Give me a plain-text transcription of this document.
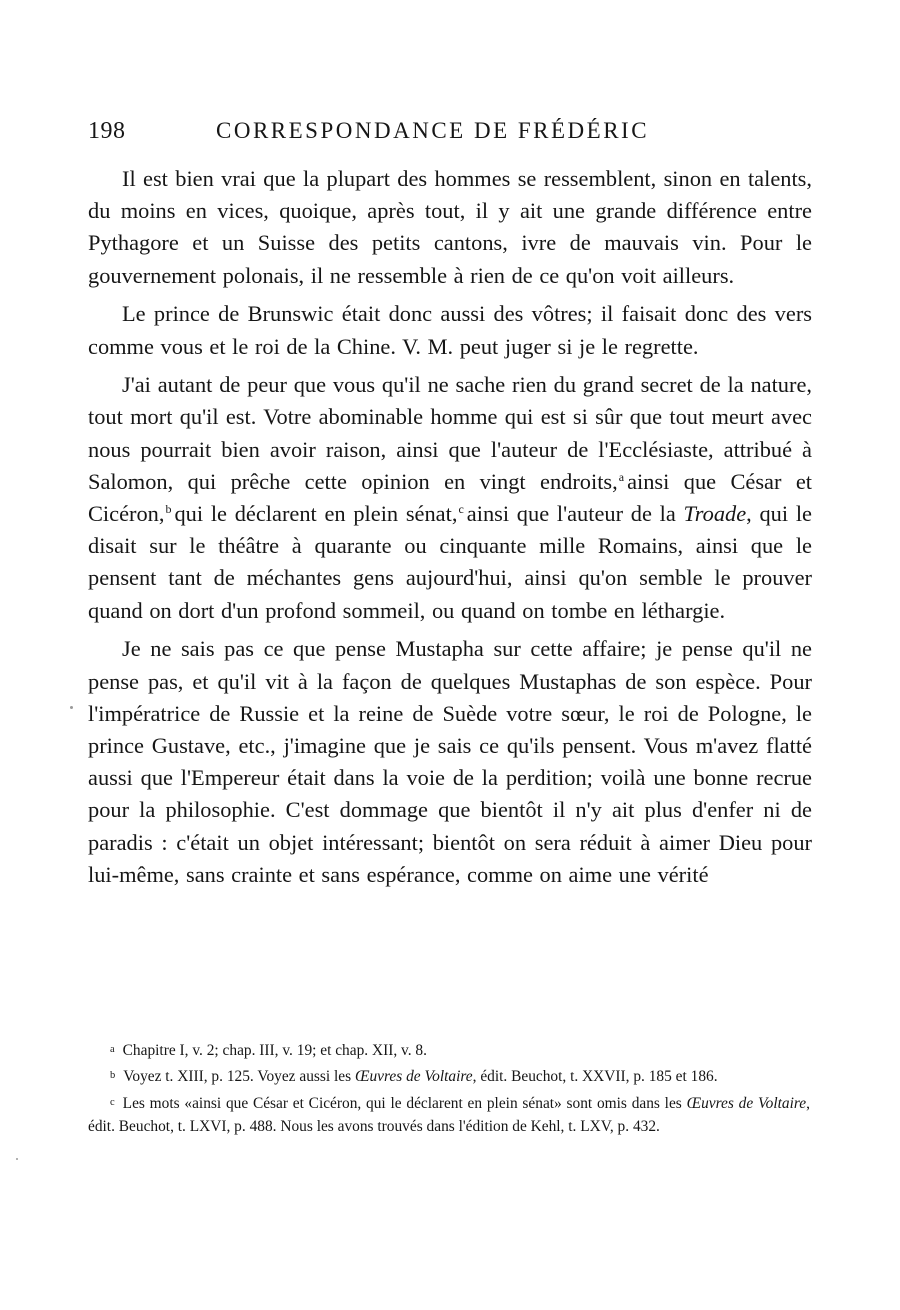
198	CORRESPONDANCE DE FRÉDÉRIC

Il est bien vrai que la plupart des hommes se ressemblent, sinon en talents, du moins en vices, quoique, après tout, il y ait une grande différence entre Pythagore et un Suisse des petits cantons, ivre de mauvais vin. Pour le gouvernement polonais, il ne ressemble à rien de ce qu'on voit ailleurs.

Le prince de Brunswic était donc aussi des vôtres; il faisait donc des vers comme vous et le roi de la Chine. V. M. peut juger si je le regrette.

J'ai autant de peur que vous qu'il ne sache rien du grand secret de la nature, tout mort qu'il est. Votre abominable homme qui est si sûr que tout meurt avec nous pourrait bien avoir raison, ainsi que l'auteur de l'Ecclésiaste, attribué à Salomon, qui prêche cette opinion en vingt endroits,$^a$ ainsi que César et Cicéron,$^b$ qui le déclarent en plein sénat,$^c$ ainsi que l'auteur de la Troade, qui le disait sur le théâtre à quarante ou cinquante mille Romains, ainsi que le pensent tant de méchantes gens aujourd'hui, ainsi qu'on semble le prouver quand on dort d'un profond sommeil, ou quand on tombe en léthargie.

Je ne sais pas ce que pense Mustapha sur cette affaire; je pense qu'il ne pense pas, et qu'il vit à la façon de quelques Mustaphas de son espèce. Pour l'impératrice de Russie et la reine de Suède votre sœur, le roi de Pologne, le prince Gustave, etc., j'imagine que je sais ce qu'ils pensent. Vous m'avez flatté aussi que l'Empereur était dans la voie de la perdition; voilà une bonne recrue pour la philosophie. C'est dommage que bientôt il n'y ait plus d'enfer ni de paradis : c'était un objet intéressant; bientôt on sera réduit à aimer Dieu pour lui-même, sans crainte et sans espérance, comme on aime une vérité

a Chapitre I, v. 2; chap. III, v. 19; et chap. XII, v. 8.
b Voyez t. XIII, p. 125. Voyez aussi les Œuvres de Voltaire, édit. Beuchot, t. XXVII, p. 185 et 186.
c Les mots «ainsi que César et Cicéron, qui le déclarent en plein sénat» sont omis dans les Œuvres de Voltaire, édit. Beuchot, t. LXVI, p. 488. Nous les avons trouvés dans l'édition de Kehl, t. LXV, p. 432.
